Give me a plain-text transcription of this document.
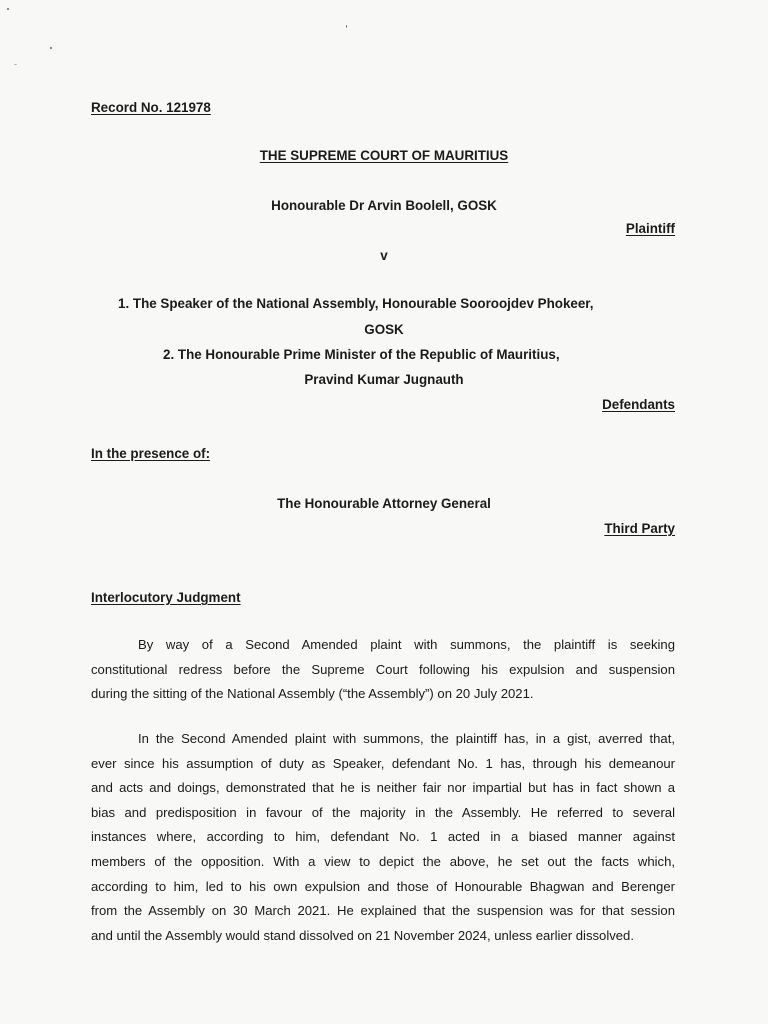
Record No. 121978
THE SUPREME COURT OF MAURITIUS
Honourable Dr Arvin Boolell, GOSK
Plaintiff
v
1. The Speaker of the National Assembly, Honourable Sooroojdev Phokeer,
GOSK
2. The Honourable Prime Minister of the Republic of Mauritius,
Pravind Kumar Jugnauth
Defendants
In the presence of:
The Honourable Attorney General
Third Party
Interlocutory Judgment
By way of a Second Amended plaint with summons, the plaintiff is seeking
constitutional redress before the Supreme Court following his expulsion and suspension
during the sitting of the National Assembly (“the Assembly”) on 20 July 2021.
In the Second Amended plaint with summons, the plaintiff has, in a gist, averred that,
ever since his assumption of duty as Speaker, defendant No. 1 has, through his demeanour
and acts and doings, demonstrated that he is neither fair nor impartial but has in fact shown a
bias and predisposition in favour of the majority in the Assembly. He referred to several
instances where, according to him, defendant No. 1 acted in a biased manner against
members of the opposition. With a view to depict the above, he set out the facts which,
according to him, led to his own expulsion and those of Honourable Bhagwan and Berenger
from the Assembly on 30 March 2021. He explained that the suspension was for that session
and until the Assembly would stand dissolved on 21 November 2024, unless earlier dissolved.
